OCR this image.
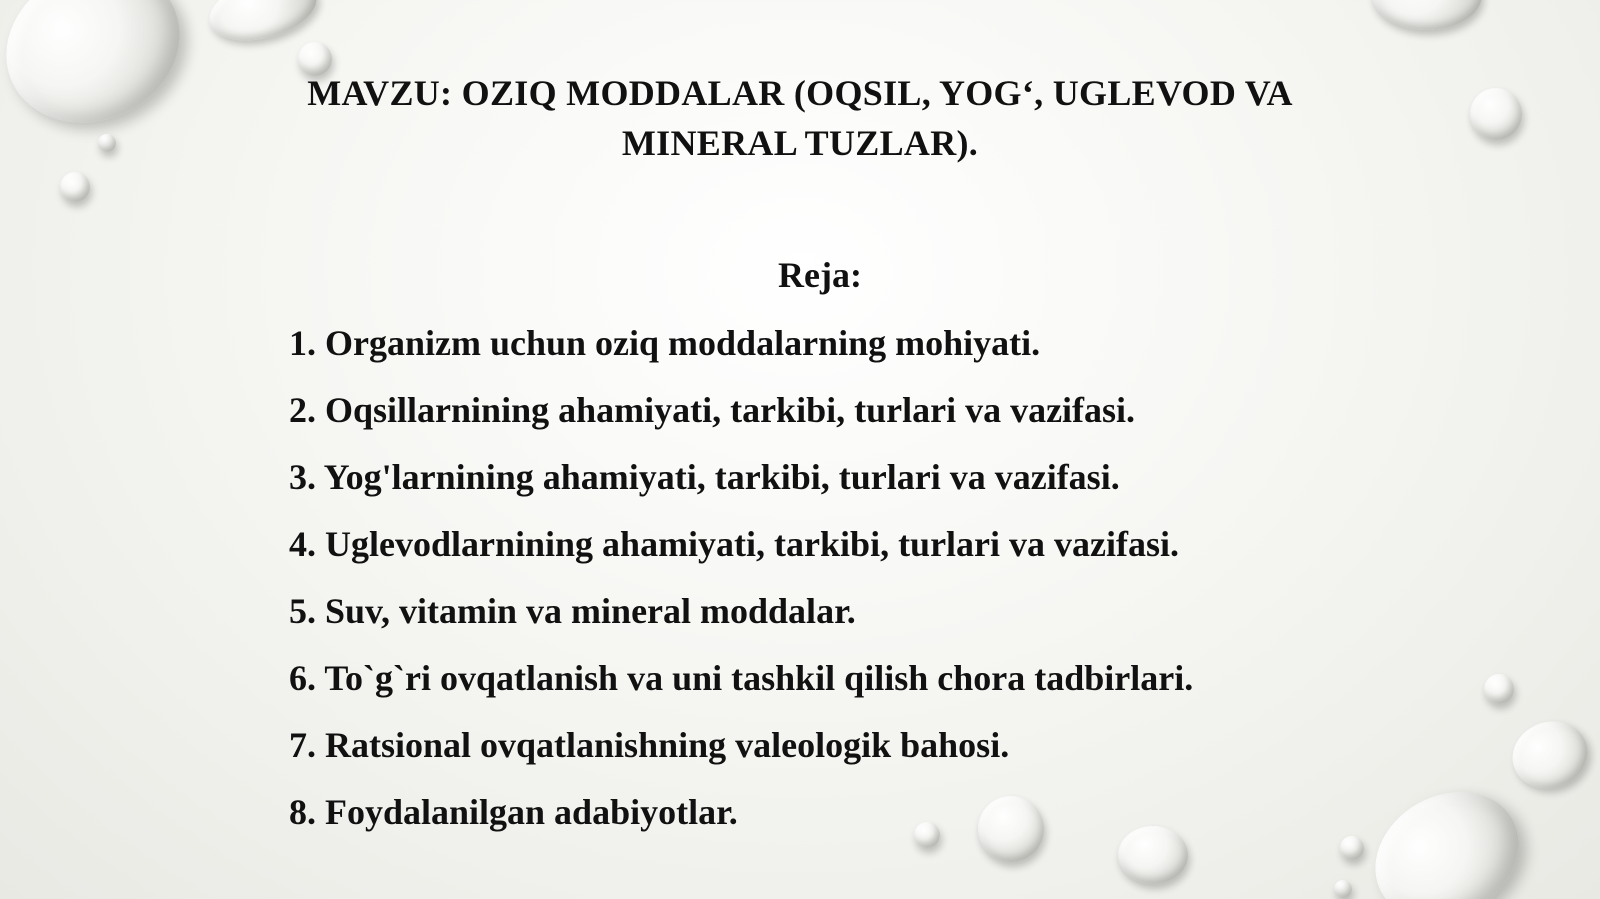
MAVZU: OZIQ MODDALAR (OQSIL, YOG‘, UGLEVOD VA
MINERAL TUZLAR).
Reja:
1. Organizm uchun oziq moddalarning mohiyati.
2. Oqsillarnining ahamiyati, tarkibi, turlari va vazifasi.
3. Yog'larnining ahamiyati, tarkibi, turlari va vazifasi.
4. Uglevodlarnining ahamiyati, tarkibi, turlari va vazifasi.
5. Suv, vitamin va mineral moddalar.
6. To`g`ri ovqatlanish va uni tashkil qilish chora tadbirlari.
7. Ratsional ovqatlanishning valeologik bahosi.
8. Foydalanilgan adabiyotlar.
